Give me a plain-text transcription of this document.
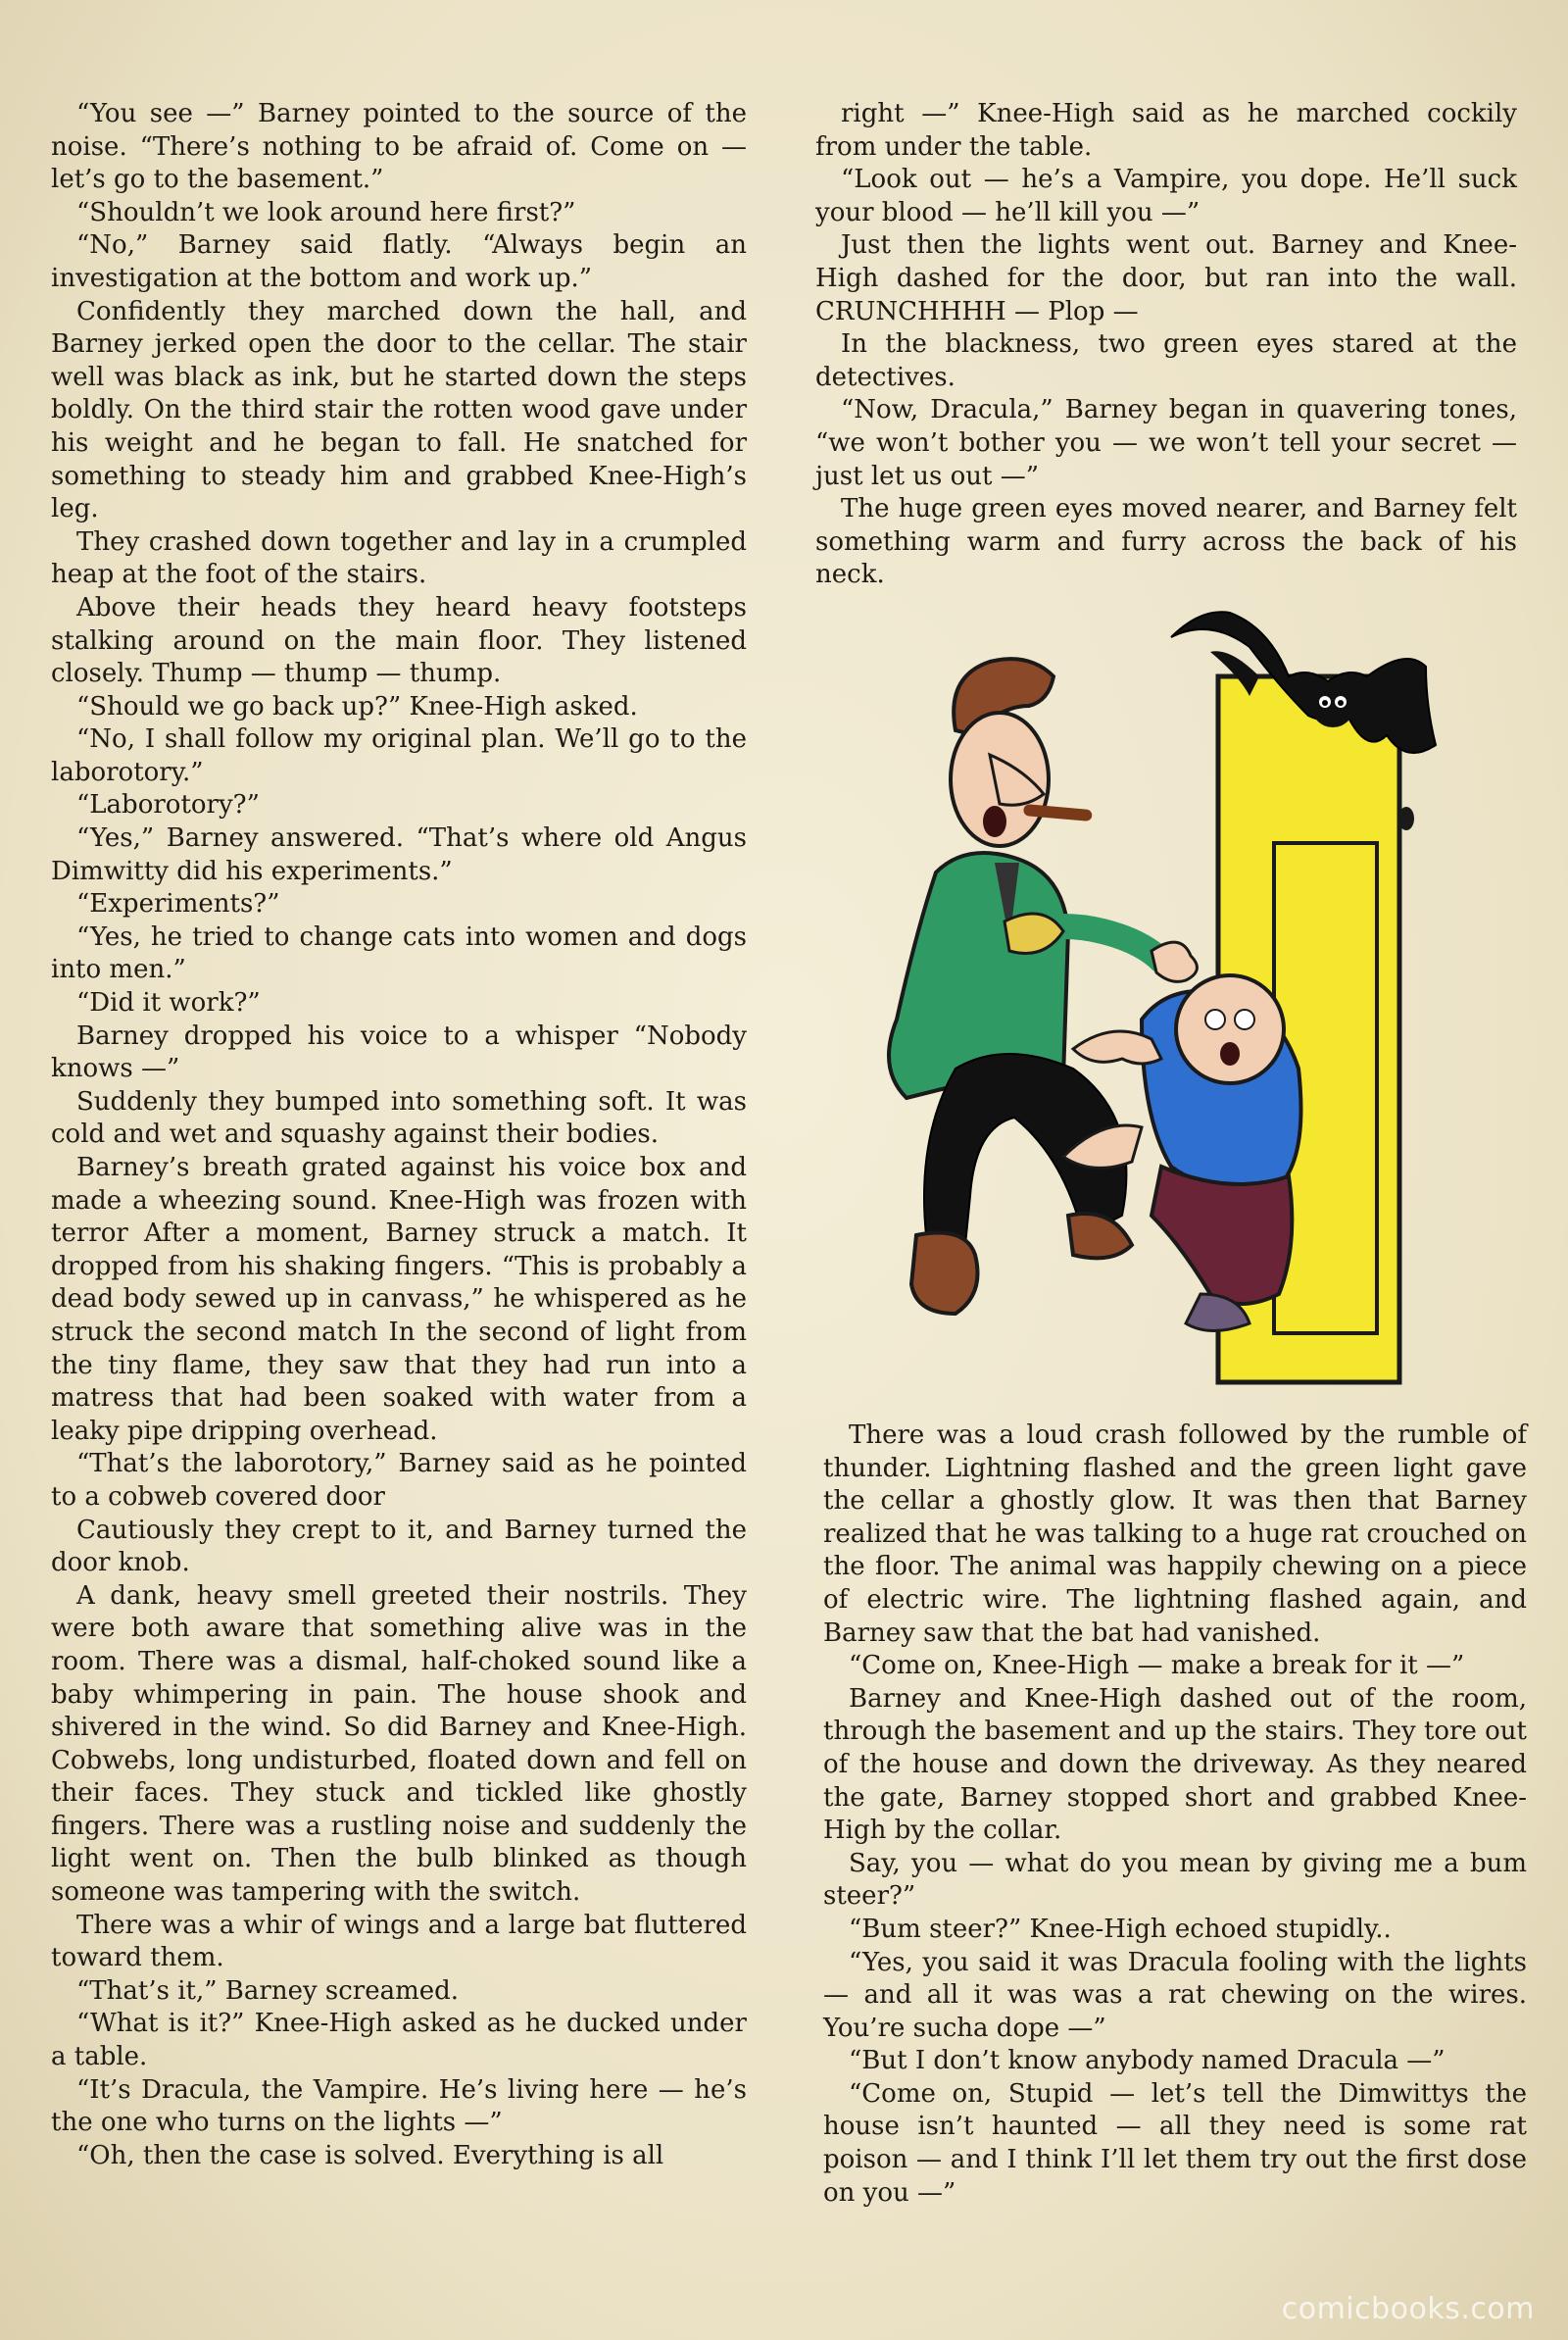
“You see —” Barney pointed to the source of the noise. “There’s nothing to be afraid of. Come on — let’s go to the basement.”

“Shouldn’t we look around here first?”

“No,” Barney said flatly. “Always begin an investigation at the bottom and work up.”

Confidently they marched down the hall, and Barney jerked open the door to the cellar. The stair well was black as ink, but he started down the steps boldly. On the third stair the rotten wood gave under his weight and he began to fall. He snatched for something to steady him and grabbed Knee-High’s leg.

They crashed down together and lay in a crumpled heap at the foot of the stairs.

Above their heads they heard heavy footsteps stalking around on the main floor. They listened closely. Thump — thump — thump.

“Should we go back up?” Knee-High asked.

“No, I shall follow my original plan. We’ll go to the laborotory.”

“Laborotory?”

“Yes,” Barney answered. “That’s where old Angus Dimwitty did his experiments.”

“Experiments?”

“Yes, he tried to change cats into women and dogs into men.”

“Did it work?”

Barney dropped his voice to a whisper “Nobody knows —”

Suddenly they bumped into something soft. It was cold and wet and squashy against their bodies.

Barney’s breath grated against his voice box and made a wheezing sound. Knee-High was frozen with terror After a moment, Barney struck a match. It dropped from his shaking fingers. “This is probably a dead body sewed up in canvass,” he whispered as he struck the second match In the second of light from the tiny flame, they saw that they had run into a matress that had been soaked with water from a leaky pipe dripping overhead.

“That’s the laborotory,” Barney said as he pointed to a cobweb covered door

Cautiously they crept to it, and Barney turned the door knob.

A dank, heavy smell greeted their nostrils. They were both aware that something alive was in the room. There was a dismal, half-choked sound like a baby whimpering in pain. The house shook and shivered in the wind. So did Barney and Knee-High. Cobwebs, long undisturbed, floated down and fell on their faces. They stuck and tickled like ghostly fingers. There was a rustling noise and suddenly the light went on. Then the bulb blinked as though someone was tampering with the switch.

There was a whir of wings and a large bat fluttered toward them.

“That’s it,” Barney screamed.

“What is it?” Knee-High asked as he ducked under a table.

“It’s Dracula, the Vampire. He’s living here — he’s the one who turns on the lights —”

“Oh, then the case is solved. Everything is all

right —” Knee-High said as he marched cockily from under the table.

“Look out — he’s a Vampire, you dope. He’ll suck your blood — he’ll kill you —”

Just then the lights went out. Barney and Knee-High dashed for the door, but ran into the wall. CRUNCHHHH — Plop —

In the blackness, two green eyes stared at the detectives.

“Now, Dracula,” Barney began in quavering tones, “we won’t bother you — we won’t tell your secret — just let us out —”

The huge green eyes moved nearer, and Barney felt something warm and furry across the back of his neck.

There was a loud crash followed by the rumble of thunder. Lightning flashed and the green light gave the cellar a ghostly glow. It was then that Barney realized that he was talking to a huge rat crouched on the floor. The animal was happily chewing on a piece of electric wire. The lightning flashed again, and Barney saw that the bat had vanished.

“Come on, Knee-High — make a break for it —”

Barney and Knee-High dashed out of the room, through the basement and up the stairs. They tore out of the house and down the driveway. As they neared the gate, Barney stopped short and grabbed Knee-High by the collar.

Say, you — what do you mean by giving me a bum steer?”

“Bum steer?” Knee-High echoed stupidly..

“Yes, you said it was Dracula fooling with the lights — and all it was was a rat chewing on the wires. You’re sucha dope —”

“But I don’t know anybody named Dracula —”

“Come on, Stupid — let’s tell the Dimwittys the house isn’t haunted — all they need is some rat poison — and I think I’ll let them try out the first dose on you —”

comicbooks.com
